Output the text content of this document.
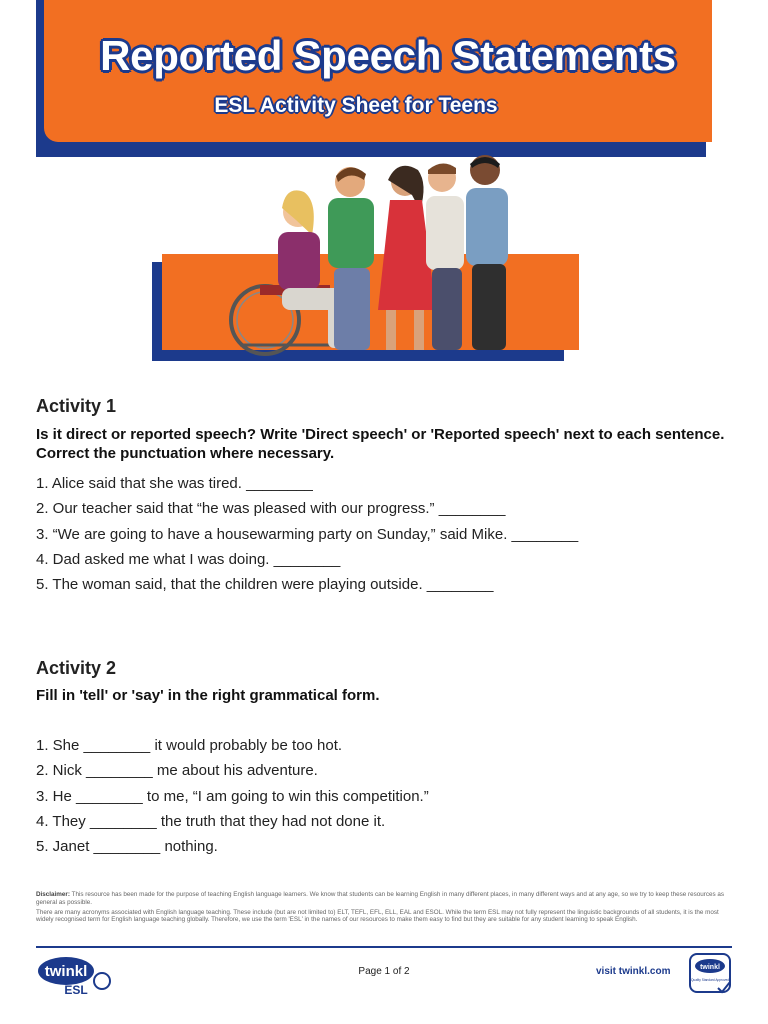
Reported Speech Statements
ESL Activity Sheet for Teens
Activity 1
Is it direct or reported speech? Write 'Direct speech' or 'Reported speech' next to each sentence. Correct the punctuation where necessary.
1. Alice said that she was tired. ________
2. Our teacher said that “he was pleased with our progress.” ________
3. “We are going to have a housewarming party on Sunday,” said Mike. ________
4. Dad asked me what I was doing. ________
5. The woman said, that the children were playing outside. ________
Activity 2
Fill in 'tell' or 'say' in the right grammatical form.
1. She ________ it would probably be too hot.
2. Nick ________ me about his adventure.
3. He ________ to me, “I am going to win this competition.”
4. They ________ the truth that they had not done it.
5. Janet ________ nothing.

Disclaimer: This resource has been made for the purpose of teaching English language learners. We know that students can be learning English in many different places, in many different ways and at any age, so we try to keep these resources as general as possible.

There are many acronyms associated with English language teaching. These include (but are not limited to) ELT, TEFL, EFL, ELL, EAL and ESOL. While the term ESL may not fully represent the linguistic backgrounds of all students, it is the most widely recognised term for English language teaching globally. Therefore, we use the term 'ESL' in the names of our resources to make them easy to find but they are suitable for any student learning to speak English.

twinkl
ESL
Page 1 of 2	visit twinkl.com	twinkl
Quality Standard Approved
